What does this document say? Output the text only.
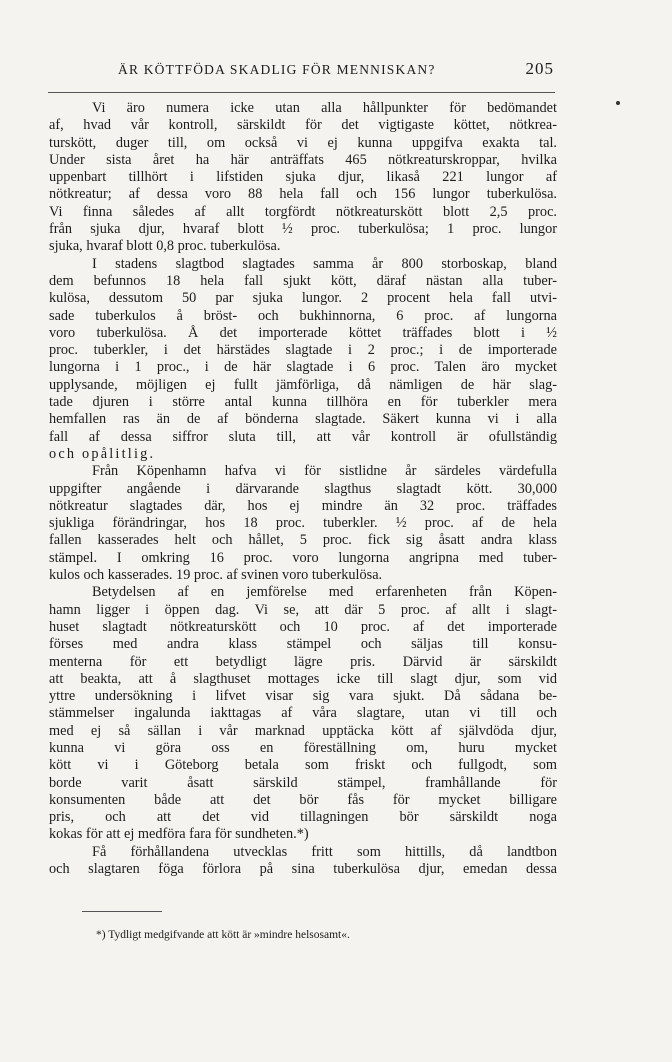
ÄR KÖTTFÖDA SKADLIG FÖR MENNISKAN?	205
Vi äro numera icke utan alla hållpunkter för bedömandet
af, hvad vår kontroll, särskildt för det vigtigaste köttet, nötkrea-
turskött, duger till, om också vi ej kunna uppgifva exakta tal.
Under sista året ha här anträffats 465 nötkreaturskroppar, hvilka
uppenbart tillhört i lifstiden sjuka djur, likaså 221 lungor af
nötkreatur; af dessa voro 88 hela fall och 156 lungor tuberkulösa.
Vi finna således af allt torgfördt nötkreaturskött blott 2,5 proc.
från sjuka djur, hvaraf blott ½ proc. tuberkulösa; 1 proc. lungor
sjuka, hvaraf blott 0,8 proc. tuberkulösa.
I stadens slagtbod slagtades samma år 800 storboskap, bland
dem befunnos 18 hela fall sjukt kött, däraf nästan alla tuber-
kulösa, dessutom 50 par sjuka lungor. 2 procent hela fall utvi-
sade tuberkulos å bröst- och bukhinnorna, 6 proc. af lungorna
voro tuberkulösa. Å det importerade köttet träffades blott i ½
proc. tuberkler, i det härstädes slagtade i 2 proc.; i de importerade
lungorna i 1 proc., i de här slagtade i 6 proc. Talen äro mycket
upplysande, möjligen ej fullt jämförliga, då nämligen de här slag-
tade djuren i större antal kunna tillhöra en för tuberkler mera
hemfallen ras än de af bönderna slagtade. Säkert kunna vi i alla
fall af dessa siffror sluta till, att vår kontroll är ofullständig
och opålitlig.
Från Köpenhamn hafva vi för sistlidne år särdeles värdefulla
uppgifter angående i därvarande slagthus slagtadt kött. 30,000
nötkreatur slagtades där, hos ej mindre än 32 proc. träffades
sjukliga förändringar, hos 18 proc. tuberkler. ½ proc. af de hela
fallen kasserades helt och hållet, 5 proc. fick sig åsatt andra klass
stämpel. I omkring 16 proc. voro lungorna angripna med tuber-
kulos och kasserades. 19 proc. af svinen voro tuberkulösa.
Betydelsen af en jemförelse med erfarenheten från Köpen-
hamn ligger i öppen dag. Vi se, att där 5 proc. af allt i slagt-
huset slagtadt nötkreaturskött och 10 proc. af det importerade
förses med andra klass stämpel och säljas till konsu-
menterna för ett betydligt lägre pris. Därvid är särskildt
att beakta, att å slagthuset mottages icke till slagt djur, som vid
yttre undersökning i lifvet visar sig vara sjukt. Då sådana be-
stämmelser ingalunda iakttagas af våra slagtare, utan vi till och
med ej så sällan i vår marknad upptäcka kött af självdöda djur,
kunna vi göra oss en föreställning om, huru mycket
kött vi i Göteborg betala som friskt och fullgodt, som
borde varit åsatt särskild stämpel, framhållande för
konsumenten både att det bör fås för mycket billigare
pris, och att det vid tillagningen bör särskildt noga
kokas för att ej medföra fara för sundheten.*)
Få förhållandena utvecklas fritt som hittills, då landtbon
och slagtaren föga förlora på sina tuberkulösa djur, emedan dessa
*) Tydligt medgifvande att kött är »mindre helsosamt«.
